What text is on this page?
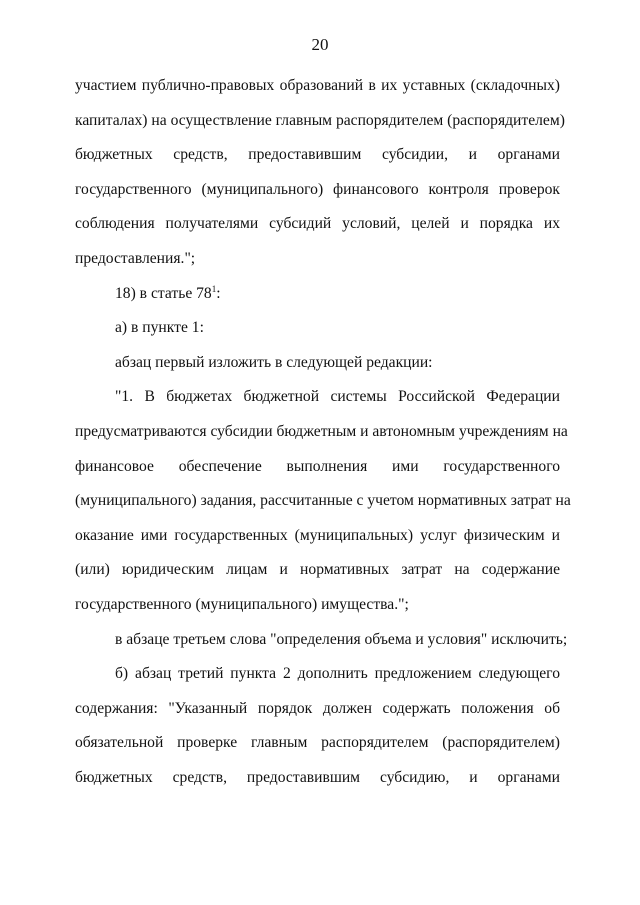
20

участием публично-правовых образований в их уставных (складочных)

капиталах) на осуществление главным распорядителем (распорядителем)

бюджетных средств, предоставившим субсидии, и органами

государственного (муниципального) финансового контроля проверок

соблюдения получателями субсидий условий, целей и порядка их

предоставления.";

18) в статье $78^1$:

а) в пункте 1:

абзац первый изложить в следующей редакции:

"1. В бюджетах бюджетной системы Российской Федерации

предусматриваются субсидии бюджетным и автономным учреждениям на

финансовое обеспечение выполнения ими государственного

(муниципального) задания, рассчитанные с учетом нормативных затрат на

оказание ими государственных (муниципальных) услуг физическим и

(или) юридическим лицам и нормативных затрат на содержание

государственного (муниципального) имущества.";

в абзаце третьем слова "определения объема и условия" исключить;

б) абзац третий пункта 2 дополнить предложением следующего

содержания: "Указанный порядок должен содержать положения об

обязательной проверке главным распорядителем (распорядителем)

бюджетных средств, предоставившим субсидию, и органами
